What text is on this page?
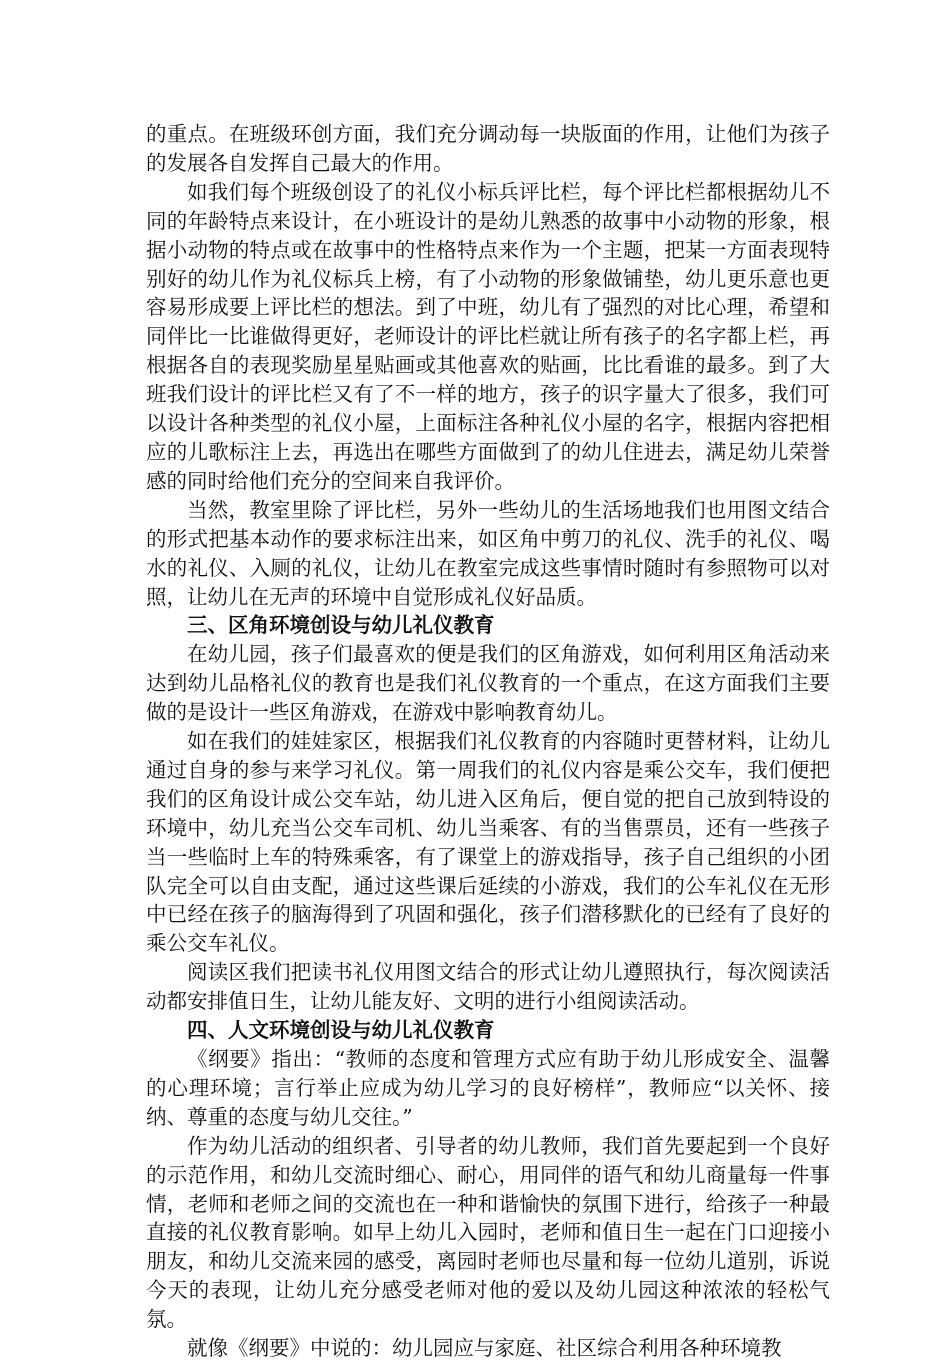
的重点。在班级环创方面，我们充分调动每一块版面的作用，让他们为孩子的发展各自发挥自己最大的作用。

如我们每个班级创设了的礼仪小标兵评比栏，每个评比栏都根据幼儿不同的年龄特点来设计，在小班设计的是幼儿熟悉的故事中小动物的形象，根据小动物的特点或在故事中的性格特点来作为一个主题，把某一方面表现特别好的幼儿作为礼仪标兵上榜，有了小动物的形象做铺垫，幼儿更乐意也更容易形成要上评比栏的想法。到了中班，幼儿有了强烈的对比心理，希望和同伴比一比谁做得更好，老师设计的评比栏就让所有孩子的名字都上栏，再根据各自的表现奖励星星贴画或其他喜欢的贴画，比比看谁的最多。到了大班我们设计的评比栏又有了不一样的地方，孩子的识字量大了很多，我们可以设计各种类型的礼仪小屋，上面标注各种礼仪小屋的名字，根据内容把相应的儿歌标注上去，再选出在哪些方面做到了的幼儿住进去，满足幼儿荣誉感的同时给他们充分的空间来自我评价。

当然，教室里除了评比栏，另外一些幼儿的生活场地我们也用图文结合的形式把基本动作的要求标注出来，如区角中剪刀的礼仪、洗手的礼仪、喝水的礼仪、入厕的礼仪，让幼儿在教室完成这些事情时随时有参照物可以对照，让幼儿在无声的环境中自觉形成礼仪好品质。

三、区角环境创设与幼儿礼仪教育

在幼儿园，孩子们最喜欢的便是我们的区角游戏，如何利用区角活动来达到幼儿品格礼仪的教育也是我们礼仪教育的一个重点，在这方面我们主要做的是设计一些区角游戏，在游戏中影响教育幼儿。

如在我们的娃娃家区，根据我们礼仪教育的内容随时更替材料，让幼儿通过自身的参与来学习礼仪。第一周我们的礼仪内容是乘公交车，我们便把我们的区角设计成公交车站，幼儿进入区角后，便自觉的把自己放到特设的环境中，幼儿充当公交车司机、幼儿当乘客、有的当售票员，还有一些孩子当一些临时上车的特殊乘客，有了课堂上的游戏指导，孩子自己组织的小团队完全可以自由支配，通过这些课后延续的小游戏，我们的公车礼仪在无形中已经在孩子的脑海得到了巩固和强化，孩子们潜移默化的已经有了良好的乘公交车礼仪。

阅读区我们把读书礼仪用图文结合的形式让幼儿遵照执行，每次阅读活动都安排值日生，让幼儿能友好、文明的进行小组阅读活动。

四、人文环境创设与幼儿礼仪教育

《纲要》指出：“教师的态度和管理方式应有助于幼儿形成安全、温馨的心理环境；言行举止应成为幼儿学习的良好榜样”，教师应“以关怀、接纳、尊重的态度与幼儿交往。”

作为幼儿活动的组织者、引导者的幼儿教师，我们首先要起到一个良好的示范作用，和幼儿交流时细心、耐心，用同伴的语气和幼儿商量每一件事情，老师和老师之间的交流也在一种和谐愉快的氛围下进行，给孩子一种最直接的礼仪教育影响。如早上幼儿入园时，老师和值日生一起在门口迎接小朋友，和幼儿交流来园的感受，离园时老师也尽量和每一位幼儿道别，诉说今天的表现，让幼儿充分感受老师对他的爱以及幼儿园这种浓浓的轻松气氛。

就像《纲要》中说的：幼儿园应与家庭、社区综合利用各种环境教
